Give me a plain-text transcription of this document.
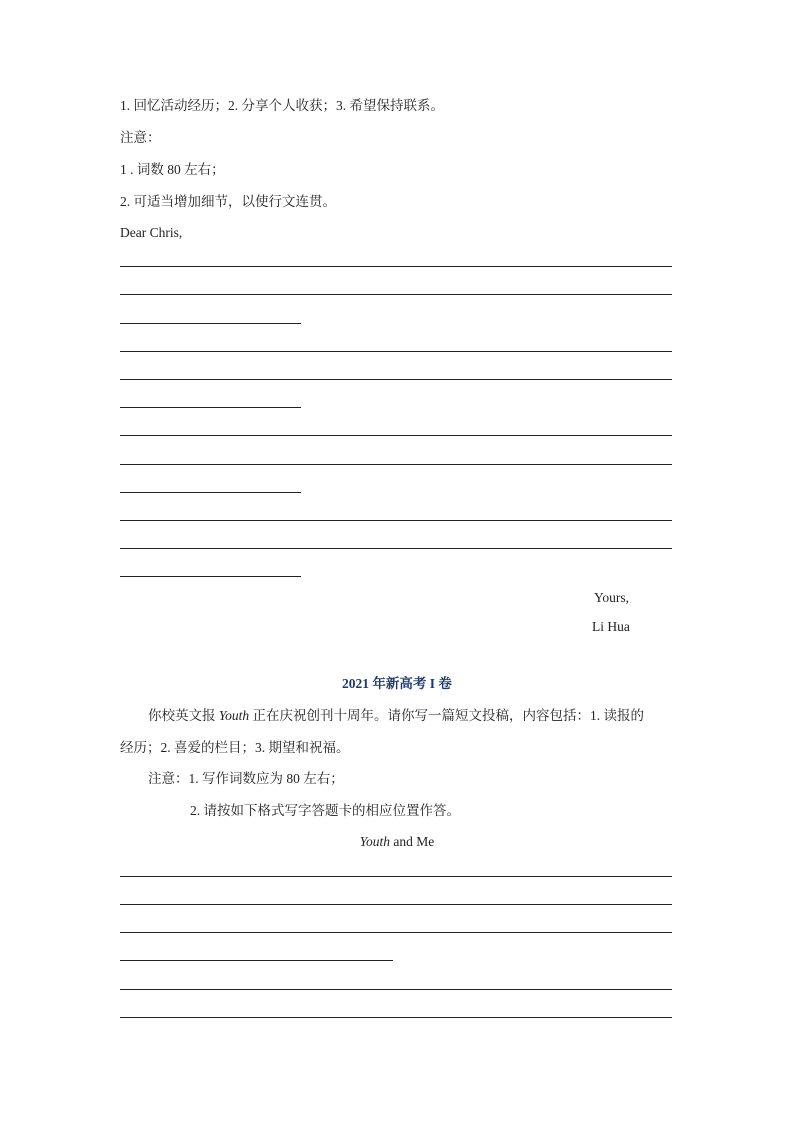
1. 回忆活动经历；2. 分享个人收获；3. 希望保持联系。
注意：
1 . 词数 80 左右；
2. 可适当增加细节，以使行文连贯。
Dear Chris,
Yours,
Li Hua
2021 年新高考 I 卷
你校英文报 Youth 正在庆祝创刊十周年。请你写一篇短文投稿，内容包括：1. 读报的
经历；2. 喜爱的栏目；3. 期望和祝福。
注意：1. 写作词数应为 80 左右；
2. 请按如下格式写字答题卡的相应位置作答。
Youth and Me
